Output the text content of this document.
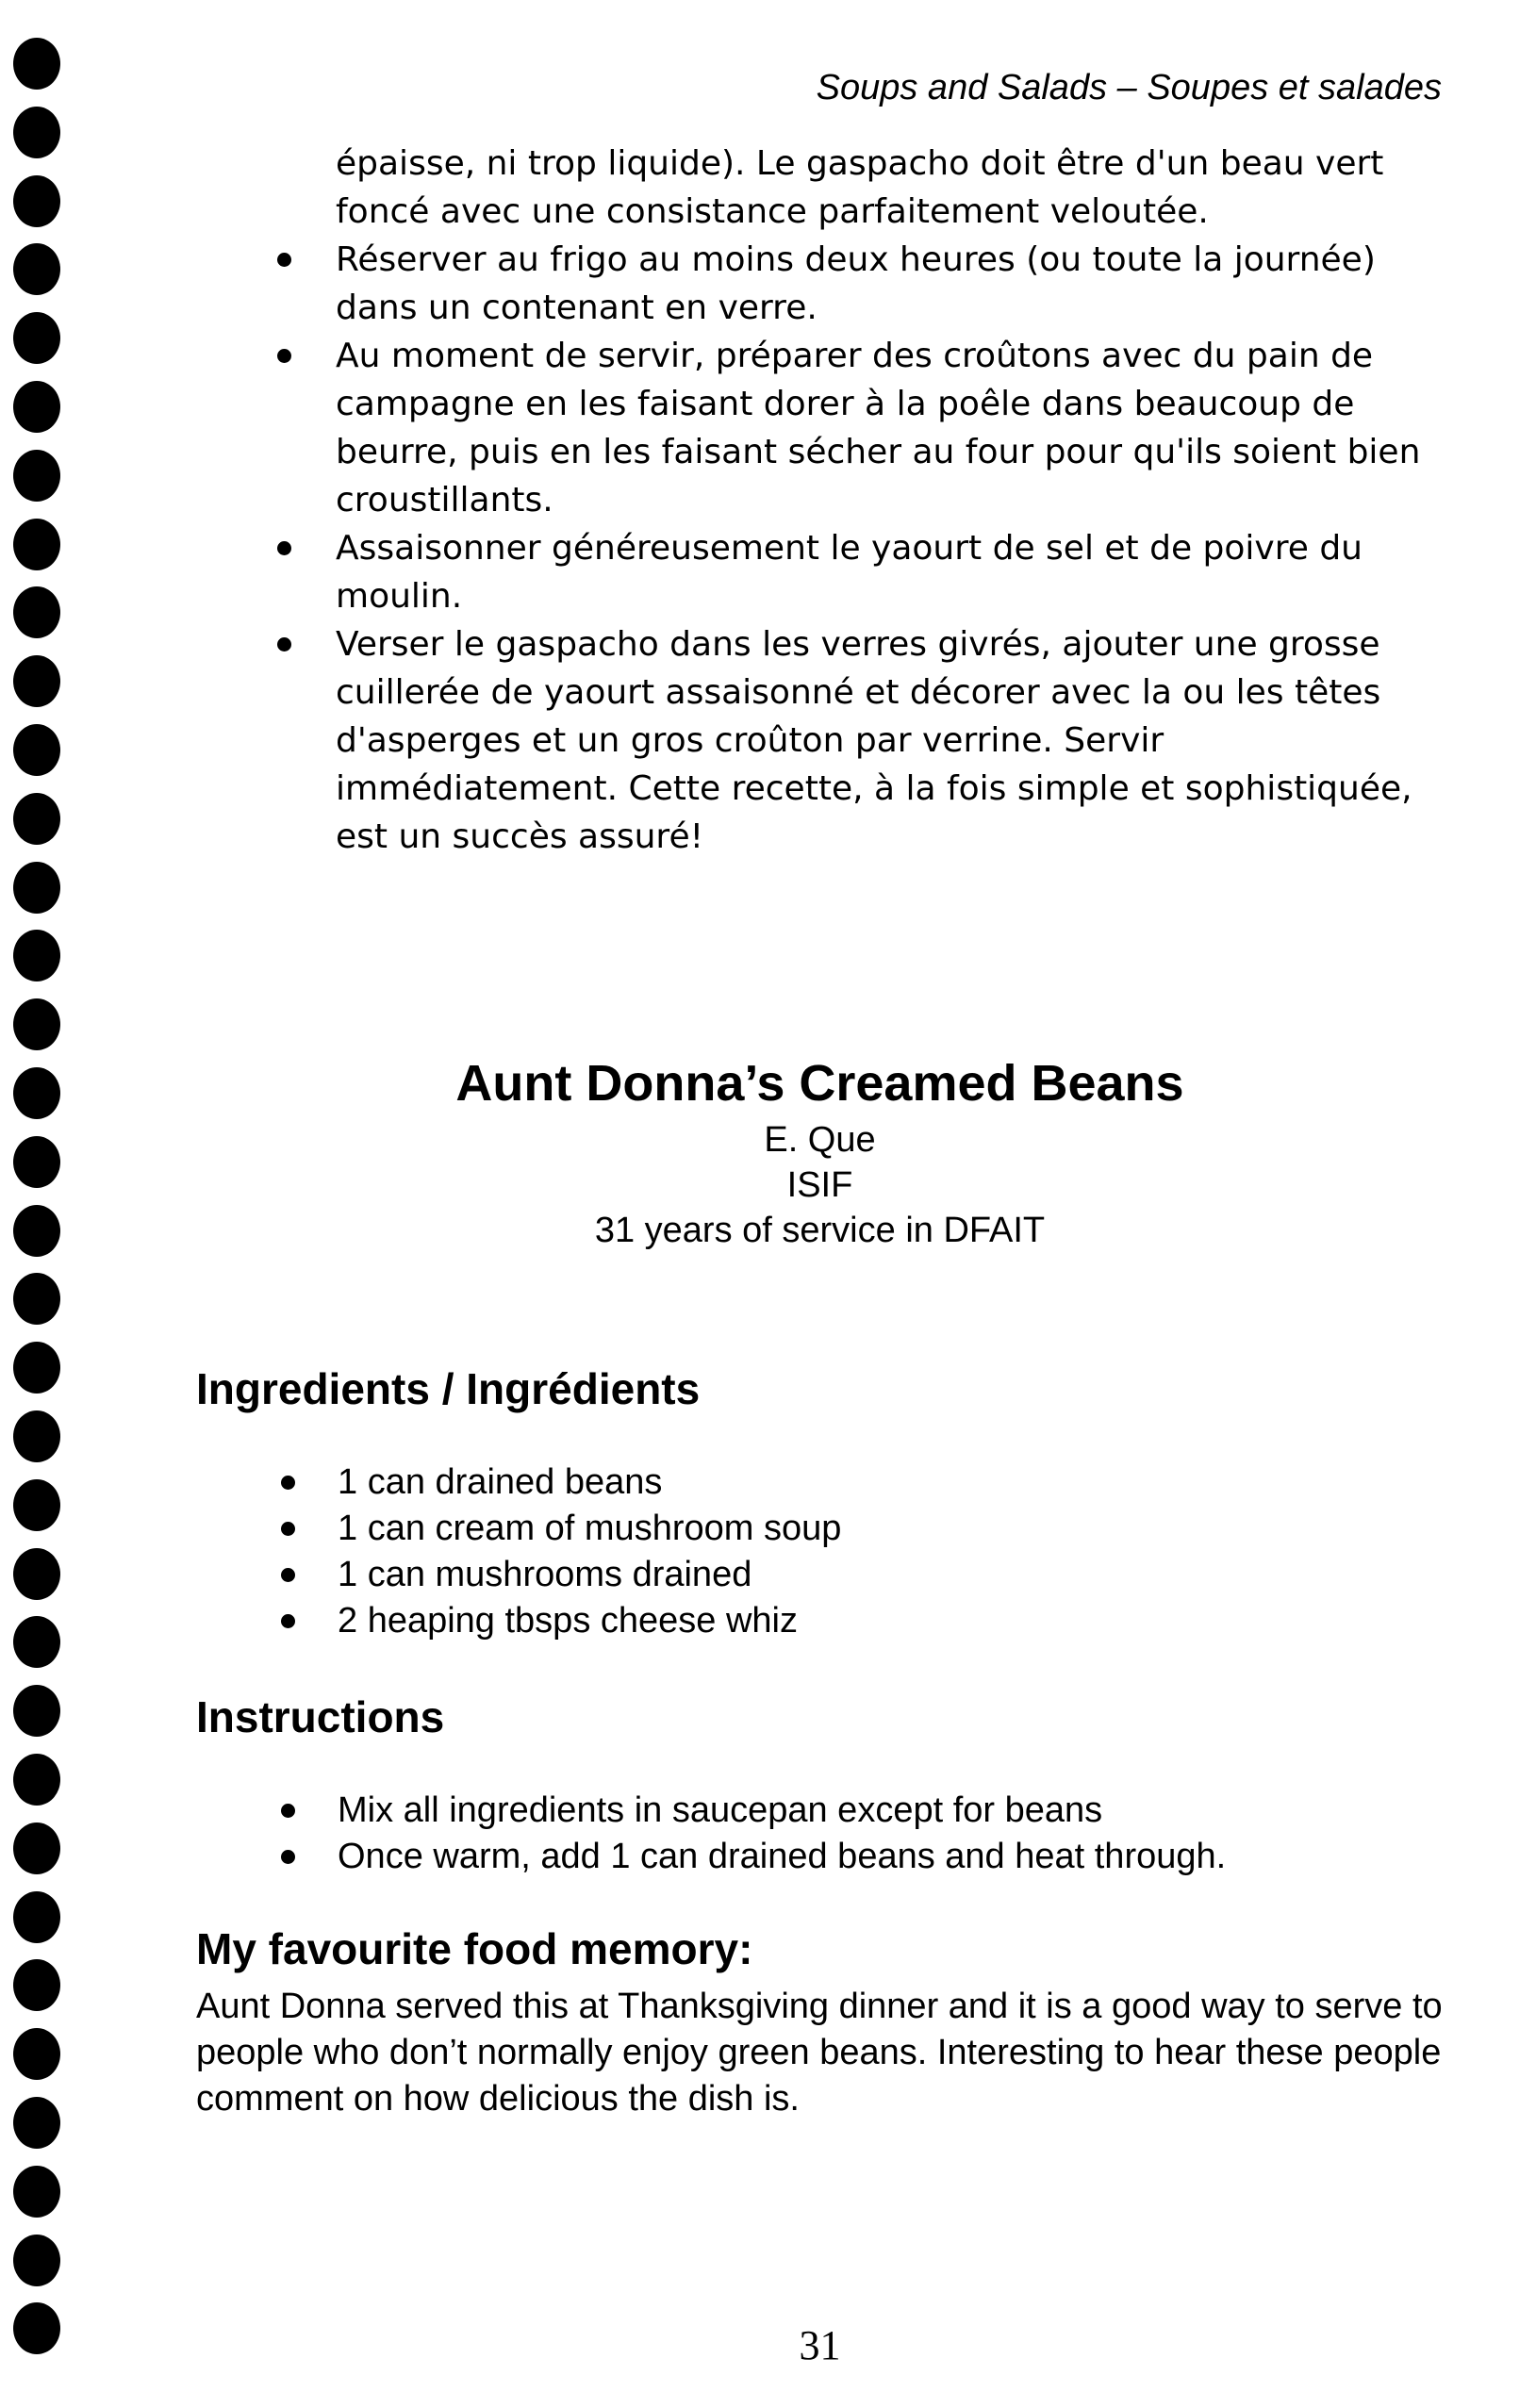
Soups and Salads – Soupes et salades

épaisse, ni trop liquide). Le gaspacho doit être d'un beau vert foncé avec une consistance parfaitement veloutée.

Réserver au frigo au moins deux heures (ou toute la journée) dans un contenant en verre.
Au moment de servir, préparer des croûtons avec du pain de campagne en les faisant dorer à la poêle dans beaucoup de beurre, puis en les faisant sécher au four pour qu'ils soient bien croustillants.
Assaisonner généreusement le yaourt de sel et de poivre du moulin.
Verser le gaspacho dans les verres givrés, ajouter une grosse cuillerée de yaourt assaisonné et décorer avec la ou les têtes d'asperges et un gros croûton par verrine. Servir immédiatement. Cette recette, à la fois simple et sophistiquée, est un succès assuré!
Aunt Donna’s Creamed Beans
E. Que
ISIF
31 years of service in DFAIT
Ingredients / Ingrédients
1 can drained beans
1 can cream of mushroom soup
1 can mushrooms drained
2 heaping tbsps cheese whiz
Instructions
Mix all ingredients in saucepan except for beans
Once warm, add 1 can drained beans and heat through.
My favourite food memory:

Aunt Donna served this at Thanksgiving dinner and it is a good way to serve to people who don’t normally enjoy green beans. Interesting to hear these people comment on how delicious the dish is.

31
